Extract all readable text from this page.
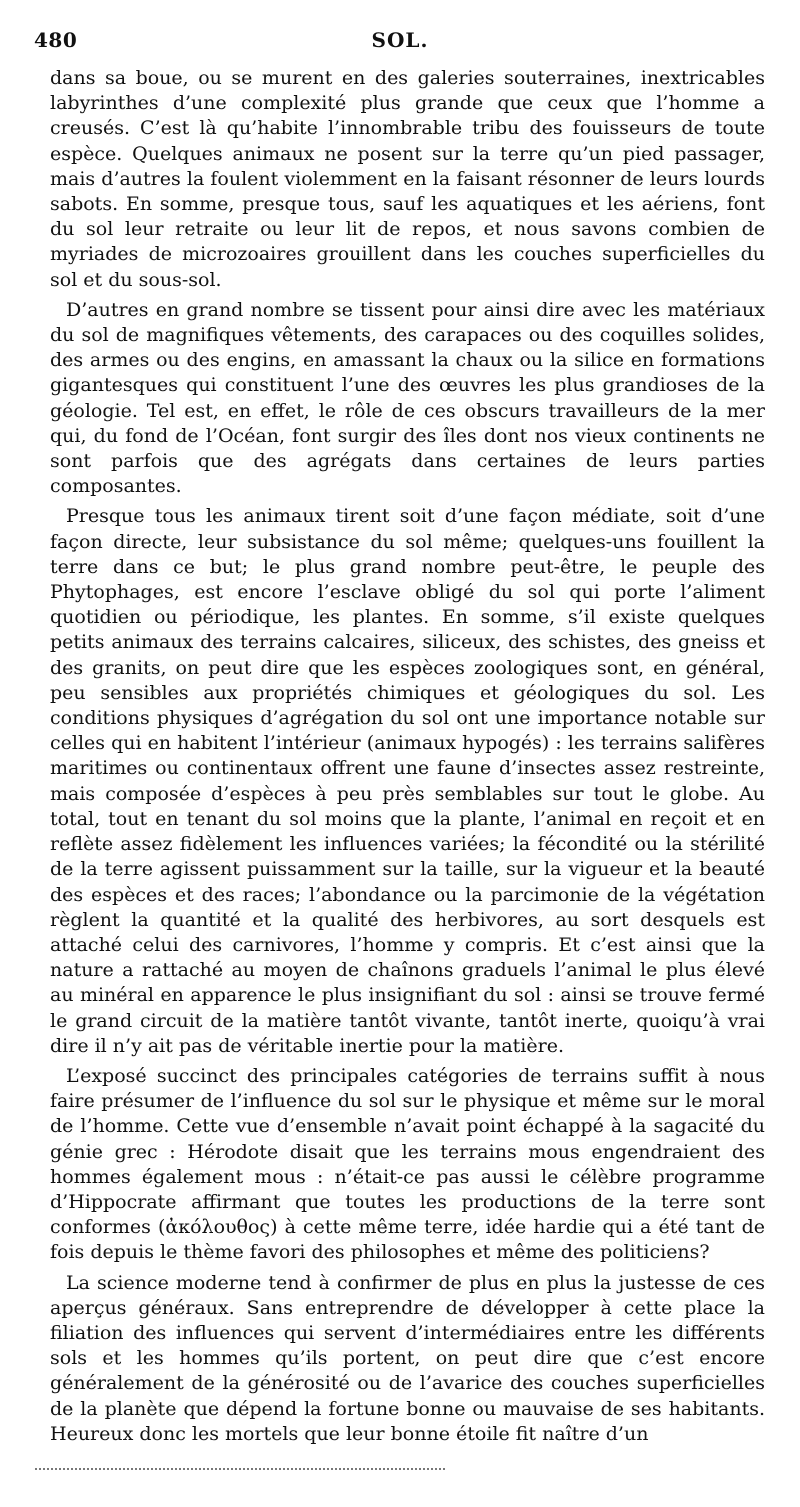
480	SOL.

dans sa boue, ou se murent en des galeries souterraines, inextricables labyrinthes d’une complexité plus grande que ceux que l’homme a creusés. C’est là qu’habite l’innombrable tribu des fouisseurs de toute espèce. Quelques animaux ne posent sur la terre qu’un pied passager, mais d’autres la foulent violemment en la faisant résonner de leurs lourds sabots. En somme, presque tous, sauf les aquatiques et les aériens, font du sol leur retraite ou leur lit de repos, et nous savons combien de myriades de microzoaires grouillent dans les couches superficielles du sol et du sous-sol.

D’autres en grand nombre se tissent pour ainsi dire avec les matériaux du sol de magnifiques vêtements, des carapaces ou des coquilles solides, des armes ou des engins, en amassant la chaux ou la silice en formations gigantesques qui constituent l’une des œuvres les plus grandioses de la géologie. Tel est, en effet, le rôle de ces obscurs travailleurs de la mer qui, du fond de l’Océan, font surgir des îles dont nos vieux continents ne sont parfois que des agrégats dans certaines de leurs parties composantes.

Presque tous les animaux tirent soit d’une façon médiate, soit d’une façon directe, leur subsistance du sol même; quelques-uns fouillent la terre dans ce but; le plus grand nombre peut-être, le peuple des Phytophages, est encore l’esclave obligé du sol qui porte l’aliment quotidien ou périodique, les plantes. En somme, s’il existe quelques petits animaux des terrains calcaires, siliceux, des schistes, des gneiss et des granits, on peut dire que les espèces zoologiques sont, en général, peu sensibles aux propriétés chimiques et géologiques du sol. Les conditions physiques d’agrégation du sol ont une importance notable sur celles qui en habitent l’intérieur (animaux hypogés) : les terrains salifères maritimes ou continentaux offrent une faune d’insectes assez restreinte, mais composée d’espèces à peu près semblables sur tout le globe. Au total, tout en tenant du sol moins que la plante, l’animal en reçoit et en reflète assez fidèlement les influences variées; la fécondité ou la stérilité de la terre agissent puissamment sur la taille, sur la vigueur et la beauté des espèces et des races; l’abondance ou la parcimonie de la végétation règlent la quantité et la qualité des herbivores, au sort desquels est attaché celui des carnivores, l’homme y compris. Et c’est ainsi que la nature a rattaché au moyen de chaînons graduels l’animal le plus élevé au minéral en apparence le plus insignifiant du sol : ainsi se trouve fermé le grand circuit de la matière tantôt vivante, tantôt inerte, quoiqu’à vrai dire il n’y ait pas de véritable inertie pour la matière.

L’exposé succinct des principales catégories de terrains suffit à nous faire présumer de l’influence du sol sur le physique et même sur le moral de l’homme. Cette vue d’ensemble n’avait point échappé à la sagacité du génie grec : Hérodote disait que les terrains mous engendraient des hommes également mous : n’était-ce pas aussi le célèbre programme d’Hippocrate affirmant que toutes les productions de la terre sont conformes (ἀκόλουθος) à cette même terre, idée hardie qui a été tant de fois depuis le thème favori des philosophes et même des politiciens?

La science moderne tend à confirmer de plus en plus la justesse de ces aperçus généraux. Sans entreprendre de développer à cette place la filiation des influences qui servent d’intermédiaires entre les différents sols et les hommes qu’ils portent, on peut dire que c’est encore généralement de la générosité ou de l’avarice des couches superficielles de la planète que dépend la fortune bonne ou mauvaise de ses habitants. Heureux donc les mortels que leur bonne étoile fit naître d’un
